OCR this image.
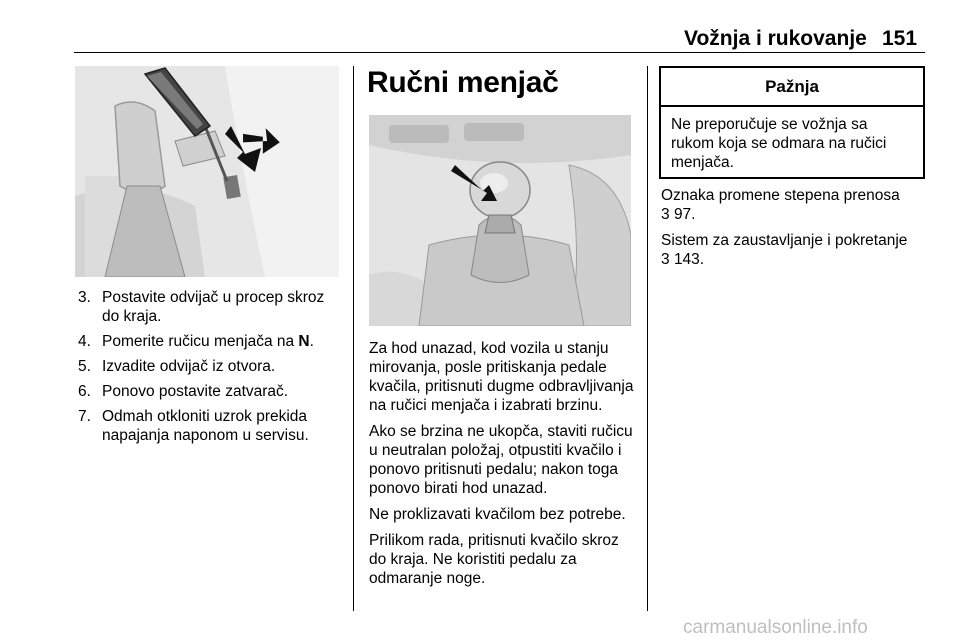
Vožnja i rukovanje 151
3. Postavite odvijač u procep skroz do kraja.
4. Pomerite ručicu menjača na N.
5. Izvadite odvijač iz otvora.
6. Ponovo postavite zatvarač.
7. Odmah otkloniti uzrok prekida napajanja naponom u servisu.
Ručni menjač

Za hod unazad, kod vozila u stanju mirovanja, posle pritiskanja pedale kvačila, pritisnuti dugme odbravljivanja na ručici menjača i izabrati brzinu.

Ako se brzina ne ukopča, staviti ručicu u neutralan položaj, otpustiti kvačilo i ponovo pritisnuti pedalu; nakon toga ponovo birati hod unazad.

Ne proklizavati kvačilom bez potrebe.

Prilikom rada, pritisnuti kvačilo skroz do kraja. Ne koristiti pedalu za odmaranje noge.

Pažnja
Ne preporučuje se vožnja sa rukom koja se odmara na ručici menjača.

Oznaka promene stepena prenosa
3 97.

Sistem za zaustavljanje i pokretanje
3 143.

carmanualsonline.info
